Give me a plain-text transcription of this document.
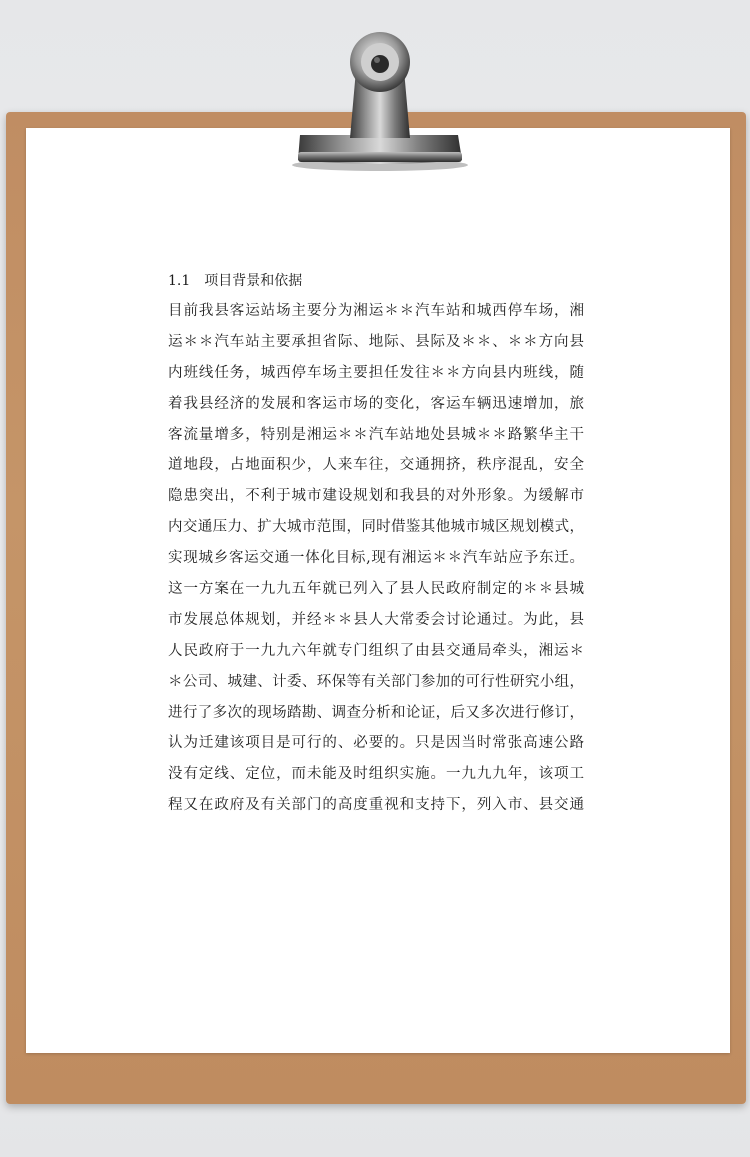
1.1 项目背景和依据
目前我县客运站场主要分为湘运＊＊汽车站和城西停车场，湘
运＊＊汽车站主要承担省际、地际、县际及＊＊、＊＊方向县
内班线任务，城西停车场主要担任发往＊＊方向县内班线，随
着我县经济的发展和客运市场的变化，客运车辆迅速增加，旅
客流量增多，特别是湘运＊＊汽车站地处县城＊＊路繁华主干
道地段，占地面积少，人来车往，交通拥挤，秩序混乱，安全
隐患突出，不利于城市建设规划和我县的对外形象。为缓解市
内交通压力、扩大城市范围，同时借鉴其他城市城区规划模式，
实现城乡客运交通一体化目标,现有湘运＊＊汽车站应予东迁。
这一方案在一九九五年就已列入了县人民政府制定的＊＊县城
市发展总体规划，并经＊＊县人大常委会讨论通过。为此，县
人民政府于一九九六年就专门组织了由县交通局牵头，湘运＊
＊公司、城建、计委、环保等有关部门参加的可行性研究小组，
进行了多次的现场踏勘、调查分析和论证，后又多次进行修订，
认为迁建该项目是可行的、必要的。只是因当时常张高速公路
没有定线、定位，而未能及时组织实施。一九九九年，该项工
程又在政府及有关部门的高度重视和支持下，列入市、县交通
